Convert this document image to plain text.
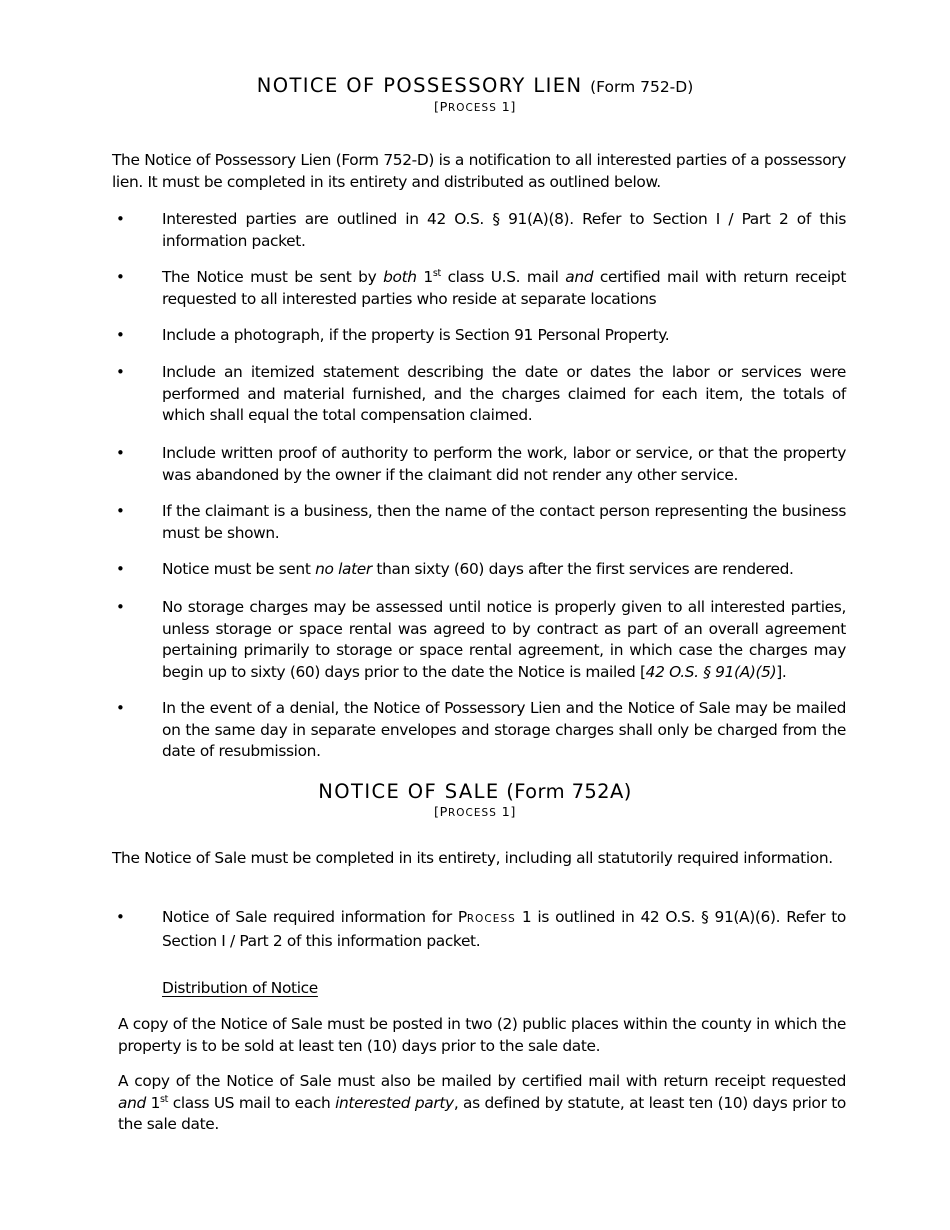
NOTICE OF POSSESSORY LIEN (Form 752-D)
[PROCESS 1]
The Notice of Possessory Lien (Form 752-D) is a notification to all interested parties of a possessory lien. It must be completed in its entirety and distributed as outlined below.
• Interested parties are outlined in 42 O.S. § 91(A)(8). Refer to Section I / Part 2 of this information packet.
• The Notice must be sent by both 1st class U.S. mail and certified mail with return receipt requested to all interested parties who reside at separate locations
• Include a photograph, if the property is Section 91 Personal Property.
• Include an itemized statement describing the date or dates the labor or services were performed and material furnished, and the charges claimed for each item, the totals of which shall equal the total compensation claimed.
• Include written proof of authority to perform the work, labor or service, or that the property was abandoned by the owner if the claimant did not render any other service.
• If the claimant is a business, then the name of the contact person representing the business must be shown.
• Notice must be sent no later than sixty (60) days after the first services are rendered.
• No storage charges may be assessed until notice is properly given to all interested parties, unless storage or space rental was agreed to by contract as part of an overall agreement pertaining primarily to storage or space rental agreement, in which case the charges may begin up to sixty (60) days prior to the date the Notice is mailed [42 O.S. § 91(A)(5)].
• In the event of a denial, the Notice of Possessory Lien and the Notice of Sale may be mailed on the same day in separate envelopes and storage charges shall only be charged from the date of resubmission.
NOTICE OF SALE (Form 752A)
[PROCESS 1]
The Notice of Sale must be completed in its entirety, including all statutorily required information.
• Notice of Sale required information for PROCESS 1 is outlined in 42 O.S. § 91(A)(6). Refer to Section I / Part 2 of this information packet.
Distribution of Notice
A copy of the Notice of Sale must be posted in two (2) public places within the county in which the property is to be sold at least ten (10) days prior to the sale date.
A copy of the Notice of Sale must also be mailed by certified mail with return receipt requested and 1st class US mail to each interested party, as defined by statute, at least ten (10) days prior to the sale date.
